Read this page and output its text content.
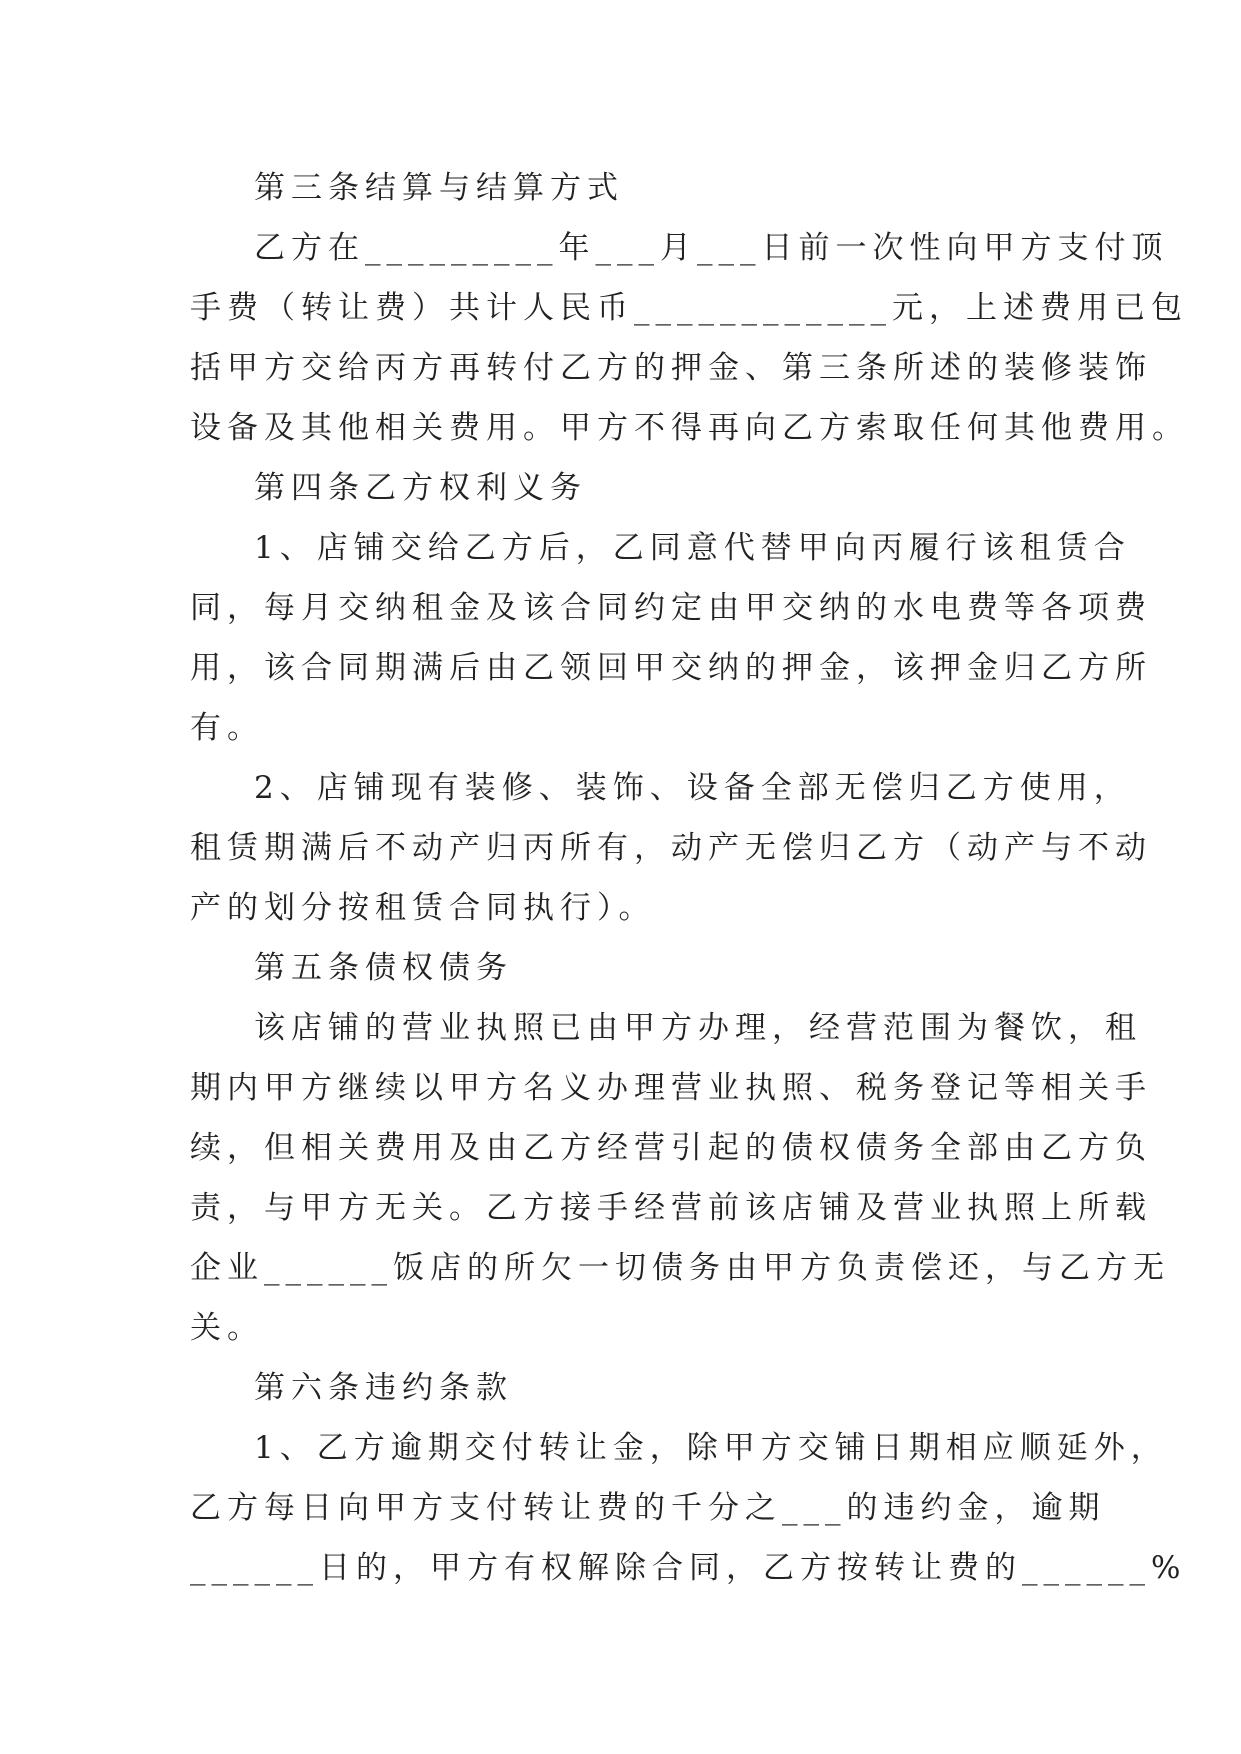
第三条结算与结算方式
乙方在_________年___月___日前一次性向甲方支付顶
手费（转让费）共计人民币____________元，上述费用已包
括甲方交给丙方再转付乙方的押金、第三条所述的装修装饰
设备及其他相关费用。甲方不得再向乙方索取任何其他费用。
第四条乙方权利义务
1、店铺交给乙方后，乙同意代替甲向丙履行该租赁合
同，每月交纳租金及该合同约定由甲交纳的水电费等各项费
用，该合同期满后由乙领回甲交纳的押金，该押金归乙方所
有。
2、店铺现有装修、装饰、设备全部无偿归乙方使用，
租赁期满后不动产归丙所有，动产无偿归乙方（动产与不动
产的划分按租赁合同执行）。
第五条债权债务
该店铺的营业执照已由甲方办理，经营范围为餐饮，租
期内甲方继续以甲方名义办理营业执照、税务登记等相关手
续，但相关费用及由乙方经营引起的债权债务全部由乙方负
责，与甲方无关。乙方接手经营前该店铺及营业执照上所载
企业______饭店的所欠一切债务由甲方负责偿还，与乙方无
关。
第六条违约条款
1、乙方逾期交付转让金，除甲方交铺日期相应顺延外，
乙方每日向甲方支付转让费的千分之___的违约金，逾期
______日的，甲方有权解除合同，乙方按转让费的______%
